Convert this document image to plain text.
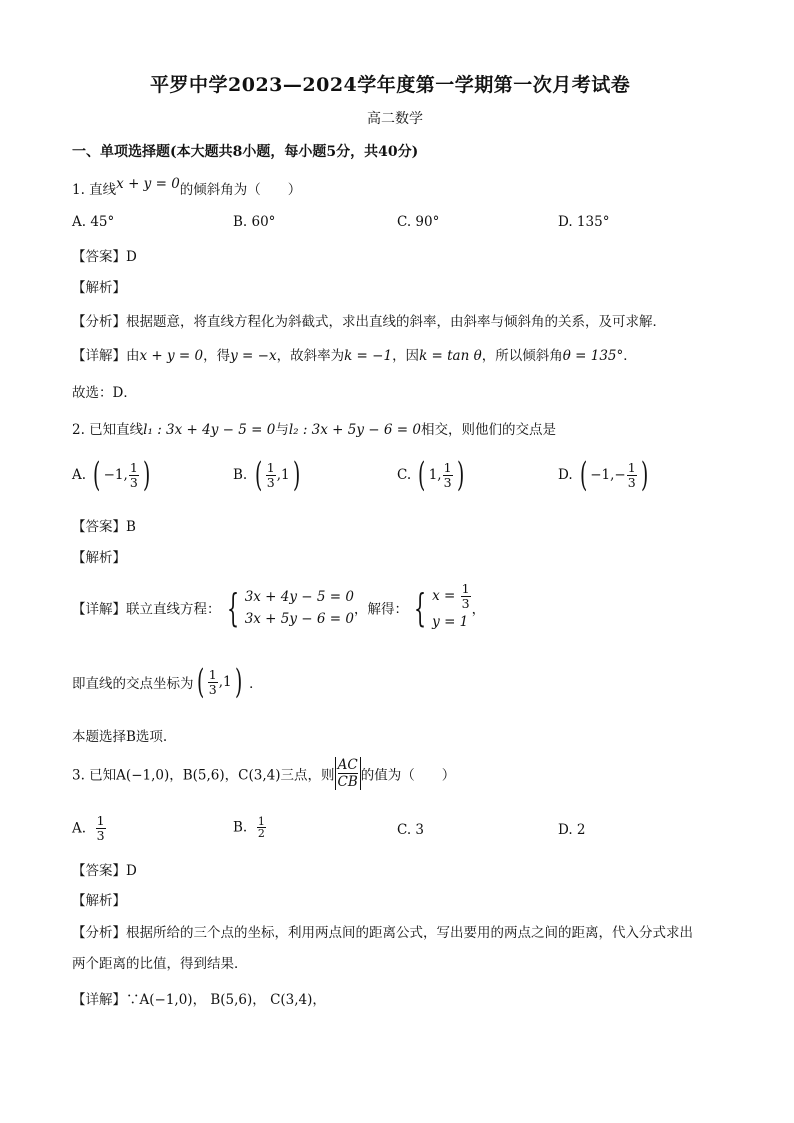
平罗中学2023—2024学年度第一学期第一次月考试卷
高二数学
一、单项选择题(本大题共8小题，每小题5分，共40分)
1. 直线x + y = 0的倾斜角为（　　）
A. 45°	B. 60°	C. 90°	D. 135°
【答案】D
【解析】
【分析】根据题意，将直线方程化为斜截式，求出直线的斜率，由斜率与倾斜角的关系，及可求解．
【详解】由x + y = 0，得y = −x，故斜率为k = −1，因k = tan θ，所以倾斜角θ = 135°．
故选：D．
2. 已知直线l₁ : 3x + 4y − 5 = 0与l₂ : 3x + 5y − 6 = 0相交，则他们的交点是
A. ( −1, $\frac{1}{3}$ )	B. ( $\frac{1}{3} ,1$)	C. ( 1, $\frac{1}{3}$ )	D. ( $-1,- \frac{1}{3}$ )
【答案】B
【解析】
【详解】联立直线方程： { 3x + 4y − 5 = 0
3x + 5y − 6 = 0
，解得： { $x = \frac{1}{3}$
y = 1
，
即直线的交点坐标为( $\frac{1}{3} ,1$) ．
本题选择B选项.
3. 已知A(−1,0)，B(5,6)，C(3,4)三点，则 $\frac{AC}{CB}$ 的值为（　　）
A. $\frac{1}{3}$	B. $\frac{1}{2}$	C. 3	D. 2
【答案】D
【解析】
【分析】根据所给的三个点的坐标，利用两点间的距离公式，写出要用的两点之间的距离，代入分式求出
两个距离的比值，得到结果．
【详解】∵A(−1,0)， B(5,6)， C(3,4)，
